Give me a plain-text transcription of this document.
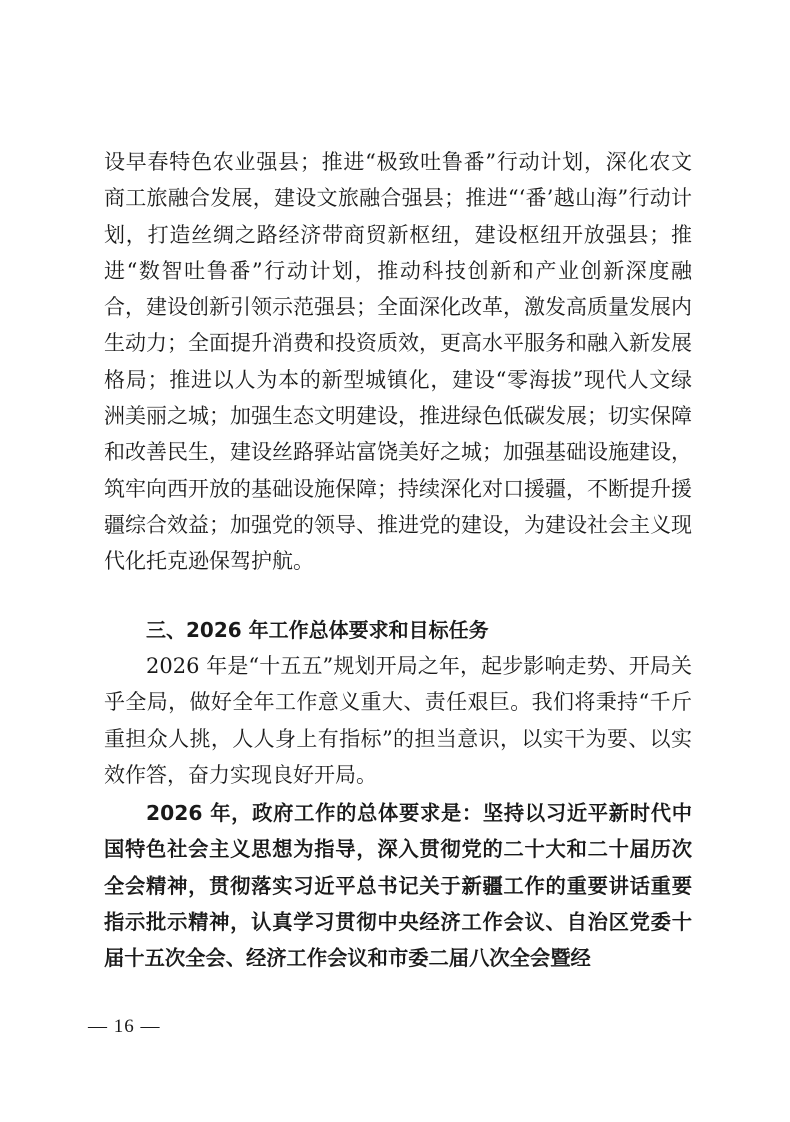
设早春特色农业强县；推进“极致吐鲁番”行动计划，深化农文商工旅融合发展，建设文旅融合强县；推进“‘番’越山海”行动计划，打造丝绸之路经济带商贸新枢纽，建设枢纽开放强县；推进“数智吐鲁番”行动计划，推动科技创新和产业创新深度融合，建设创新引领示范强县；全面深化改革，激发高质量发展内生动力；全面提升消费和投资质效，更高水平服务和融入新发展格局；推进以人为本的新型城镇化，建设“零海拔”现代人文绿洲美丽之城；加强生态文明建设，推进绿色低碳发展；切实保障和改善民生，建设丝路驿站富饶美好之城；加强基础设施建设，筑牢向西开放的基础设施保障；持续深化对口援疆，不断提升援疆综合效益；加强党的领导、推进党的建设，为建设社会主义现代化托克逊保驾护航。

三、2026 年工作总体要求和目标任务

2026 年是“十五五”规划开局之年，起步影响走势、开局关乎全局，做好全年工作意义重大、责任艰巨。我们将秉持“千斤重担众人挑，人人身上有指标”的担当意识，以实干为要、以实效作答，奋力实现良好开局。

2026 年，政府工作的总体要求是：坚持以习近平新时代中国特色社会主义思想为指导，深入贯彻党的二十大和二十届历次全会精神，贯彻落实习近平总书记关于新疆工作的重要讲话重要指示批示精神，认真学习贯彻中央经济工作会议、自治区党委十届十五次全会、经济工作会议和市委二届八次全会暨经

— 16 —
